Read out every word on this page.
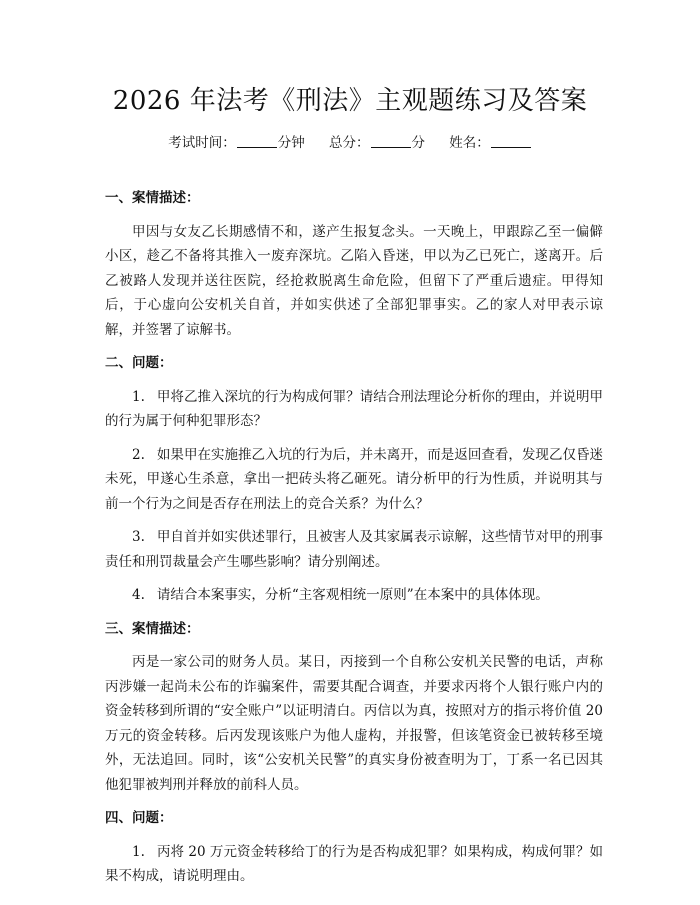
2026 年法考《刑法》主观题练习及答案
考试时间：	分钟 总分：	分 姓名：
一、案情描述：
甲因与女友乙长期感情不和，遂产生报复念头。一天晚上，甲跟踪乙至一偏僻小区，趁乙不备将其推入一废弃深坑。乙陷入昏迷，甲以为乙已死亡，遂离开。后乙被路人发现并送往医院，经抢救脱离生命危险，但留下了严重后遗症。甲得知后，于心虚向公安机关自首，并如实供述了全部犯罪事实。乙的家人对甲表示谅解，并签署了谅解书。
二、问题：
1. 甲将乙推入深坑的行为构成何罪？请结合刑法理论分析你的理由，并说明甲的行为属于何种犯罪形态？
2. 如果甲在实施推乙入坑的行为后，并未离开，而是返回查看，发现乙仅昏迷未死，甲遂心生杀意，拿出一把砖头将乙砸死。请分析甲的行为性质，并说明其与前一个行为之间是否存在刑法上的竞合关系？为什么？
3. 甲自首并如实供述罪行，且被害人及其家属表示谅解，这些情节对甲的刑事责任和刑罚裁量会产生哪些影响？请分别阐述。
4. 请结合本案事实，分析“主客观相统一原则”在本案中的具体体现。
三、案情描述：
丙是一家公司的财务人员。某日，丙接到一个自称公安机关民警的电话，声称丙涉嫌一起尚未公布的诈骗案件，需要其配合调查，并要求丙将个人银行账户内的资金转移到所谓的“安全账户”以证明清白。丙信以为真，按照对方的指示将价值 20 万元的资金转移。后丙发现该账户为他人虚构，并报警，但该笔资金已被转移至境外，无法追回。同时，该“公安机关民警”的真实身份被查明为丁，丁系一名已因其他犯罪被判刑并释放的前科人员。
四、问题：
1. 丙将 20 万元资金转移给丁的行为是否构成犯罪？如果构成，构成何罪？如果不构成，请说明理由。
